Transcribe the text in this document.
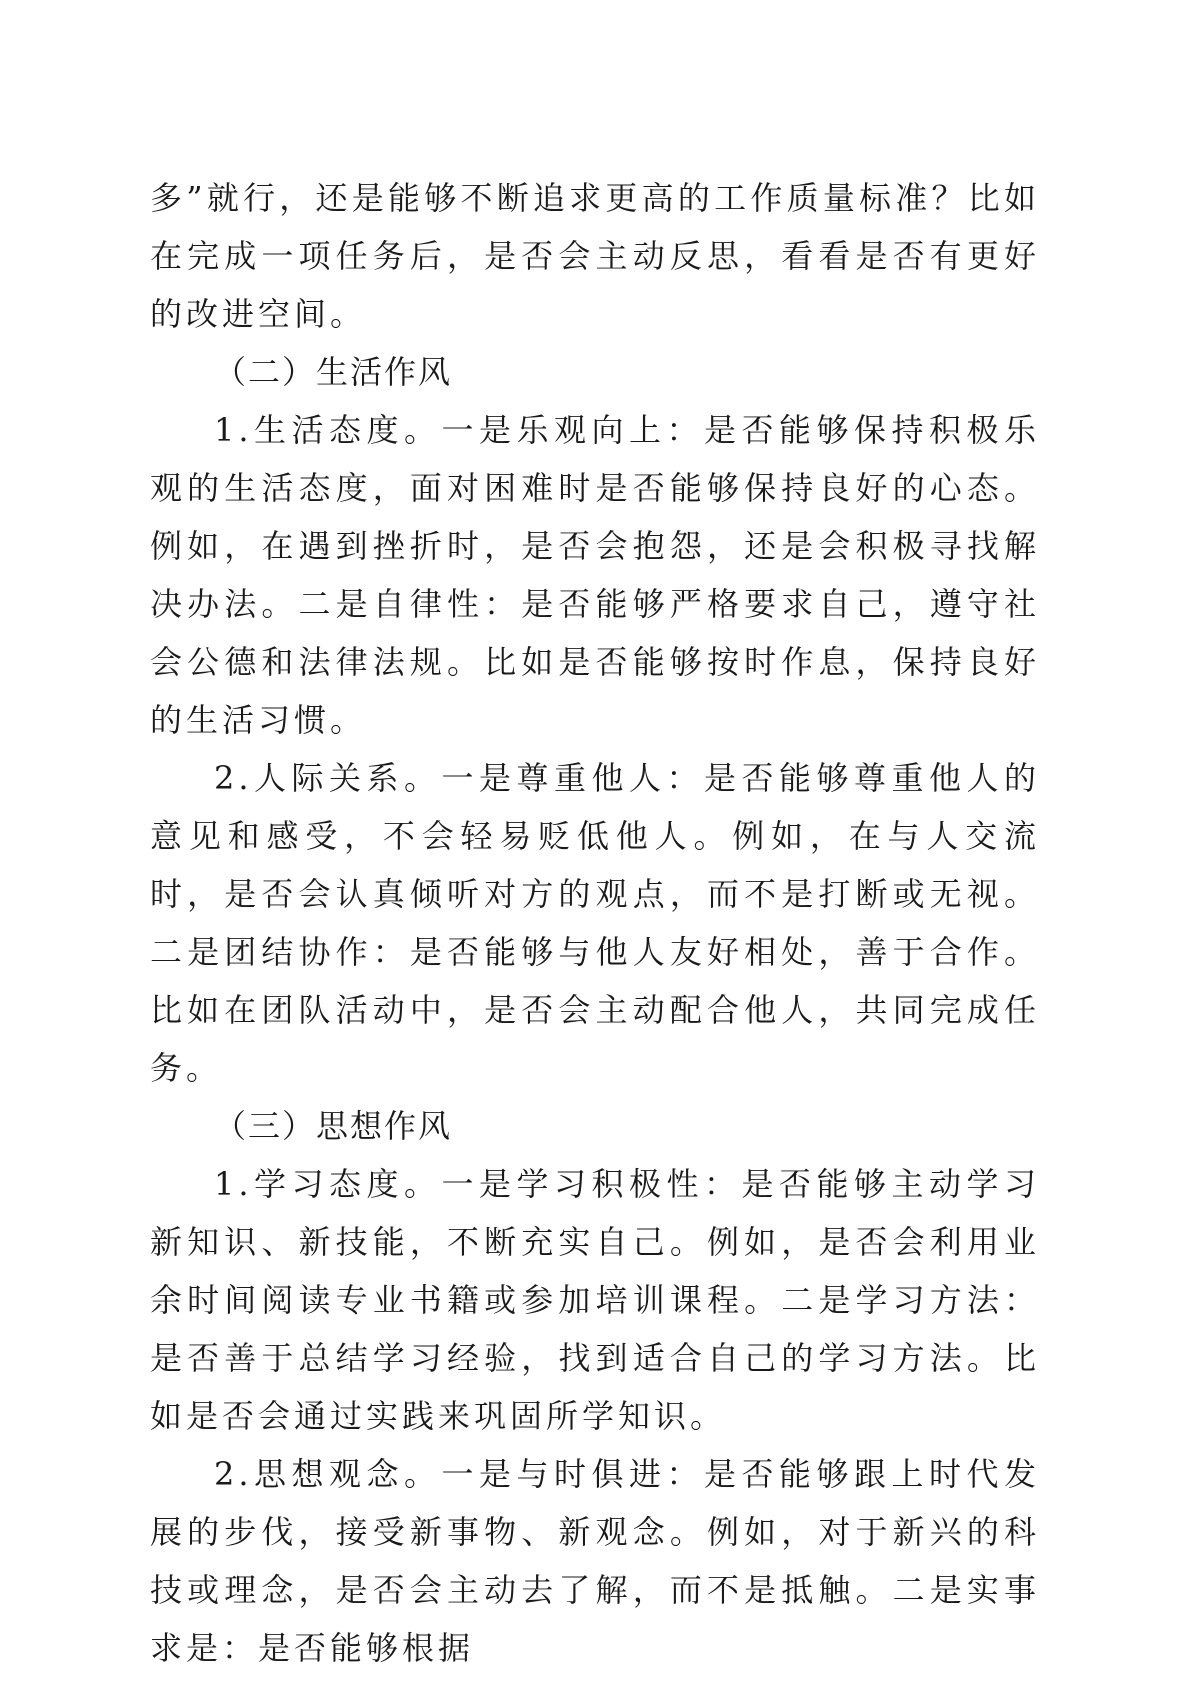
多”就行，还是能够不断追求更高的工作质量标准？比如在完成一项任务后，是否会主动反思，看看是否有更好的改进空间。

（二）生活作风

1.生活态度。一是乐观向上：是否能够保持积极乐观的生活态度，面对困难时是否能够保持良好的心态。例如，在遇到挫折时，是否会抱怨，还是会积极寻找解决办法。二是自律性：是否能够严格要求自己，遵守社会公德和法律法规。比如是否能够按时作息，保持良好的生活习惯。

2.人际关系。一是尊重他人：是否能够尊重他人的意见和感受，不会轻易贬低他人。例如，在与人交流时，是否会认真倾听对方的观点，而不是打断或无视。二是团结协作：是否能够与他人友好相处，善于合作。比如在团队活动中，是否会主动配合他人，共同完成任务。

（三）思想作风

1.学习态度。一是学习积极性：是否能够主动学习新知识、新技能，不断充实自己。例如，是否会利用业余时间阅读专业书籍或参加培训课程。二是学习方法：是否善于总结学习经验，找到适合自己的学习方法。比如是否会通过实践来巩固所学知识。

2.思想观念。一是与时俱进：是否能够跟上时代发展的步伐，接受新事物、新观念。例如，对于新兴的科技或理念，是否会主动去了解，而不是抵触。二是实事求是：是否能够根据
